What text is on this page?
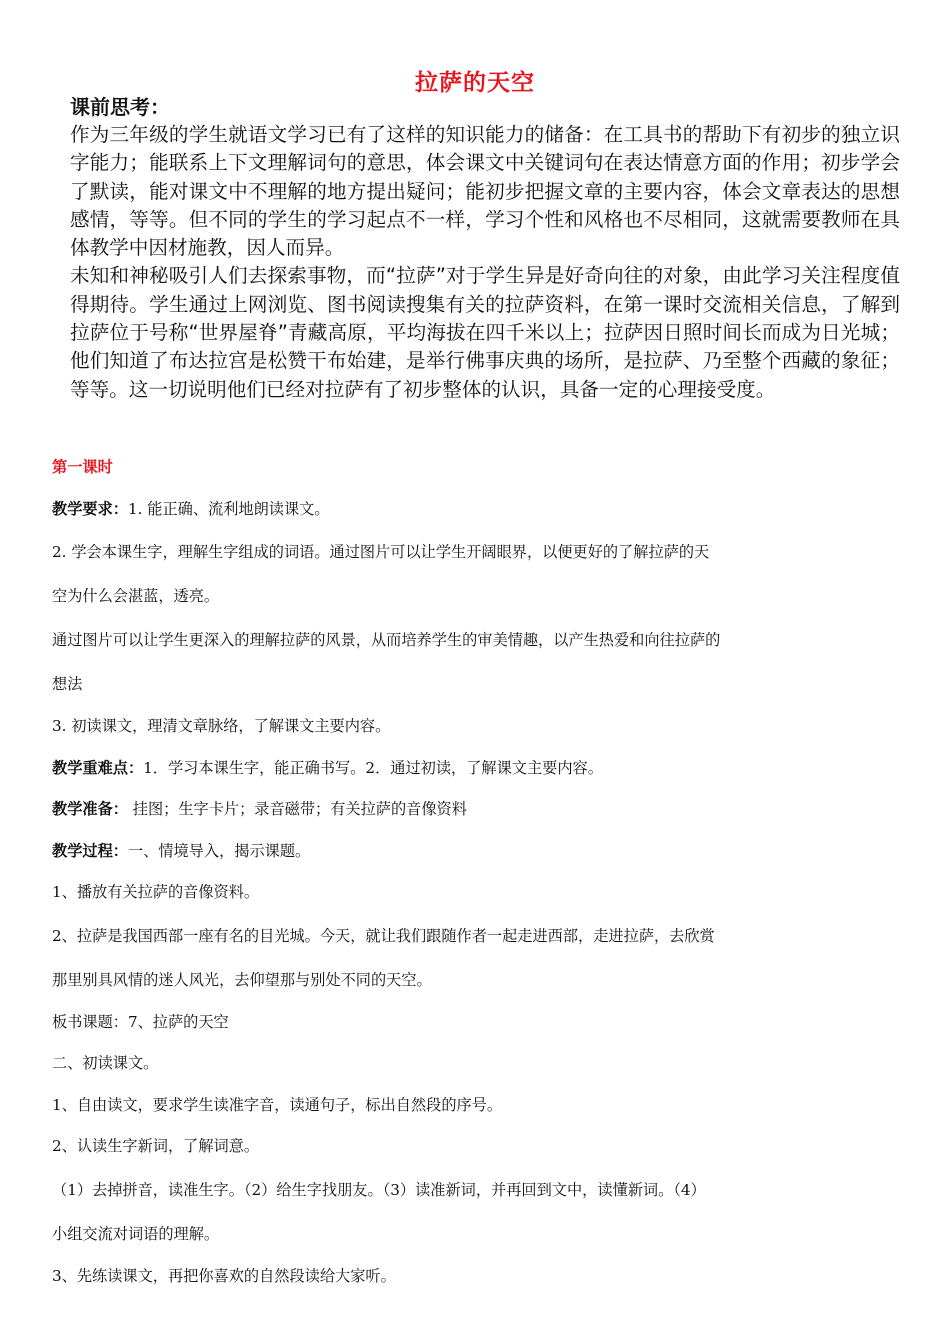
拉萨的天空
课前思考：

作为三年级的学生就语文学习已有了这样的知识能力的储备：在工具书的帮助下有初步的独立识字能力；能联系上下文理解词句的意思，体会课文中关键词句在表达情意方面的作用；初步学会了默读，能对课文中不理解的地方提出疑问；能初步把握文章的主要内容，体会文章表达的思想感情，等等。但不同的学生的学习起点不一样，学习个性和风格也不尽相同，这就需要教师在具体教学中因材施教，因人而异。

未知和神秘吸引人们去探索事物，而“拉萨”对于学生异是好奇向往的对象，由此学习关注程度值得期待。学生通过上网浏览、图书阅读搜集有关的拉萨资料，在第一课时交流相关信息，了解到拉萨位于号称“世界屋脊”青藏高原，平均海拔在四千米以上；拉萨因日照时间长而成为日光城；他们知道了布达拉宫是松赞干布始建，是举行佛事庆典的场所，是拉萨、乃至整个西藏的象征；等等。这一切说明他们已经对拉萨有了初步整体的认识，具备一定的心理接受度。

第一课时

教学要求：1. 能正确、流利地朗读课文。

2. 学会本课生字，理解生字组成的词语。通过图片可以让学生开阔眼界，以便更好的了解拉萨的天

空为什么会湛蓝，透亮。

通过图片可以让学生更深入的理解拉萨的风景，从而培养学生的审美情趣，以产生热爱和向往拉萨的

想法

3. 初读课文，理清文章脉络，了解课文主要内容。

教学重难点：1．学习本课生字，能正确书写。2．通过初读，了解课文主要内容。

教学准备： 挂图；生字卡片；录音磁带；有关拉萨的音像资料

教学过程：一、情境导入，揭示课题。

1、播放有关拉萨的音像资料。

2、拉萨是我国西部一座有名的目光城。今天，就让我们跟随作者一起走进西部，走进拉萨，去欣赏

那里别具风情的迷人风光，去仰望那与别处不同的天空。

板书课题：7、拉萨的天空

二、初读课文。

1、自由读文，要求学生读准字音，读通句子，标出自然段的序号。

2、认读生字新词，了解词意。

（1）去掉拼音，读准生字。（2）给生字找朋友。（3）读准新词，并再回到文中，读懂新词。（4）

小组交流对词语的理解。

3、先练读课文，再把你喜欢的自然段读给大家听。
